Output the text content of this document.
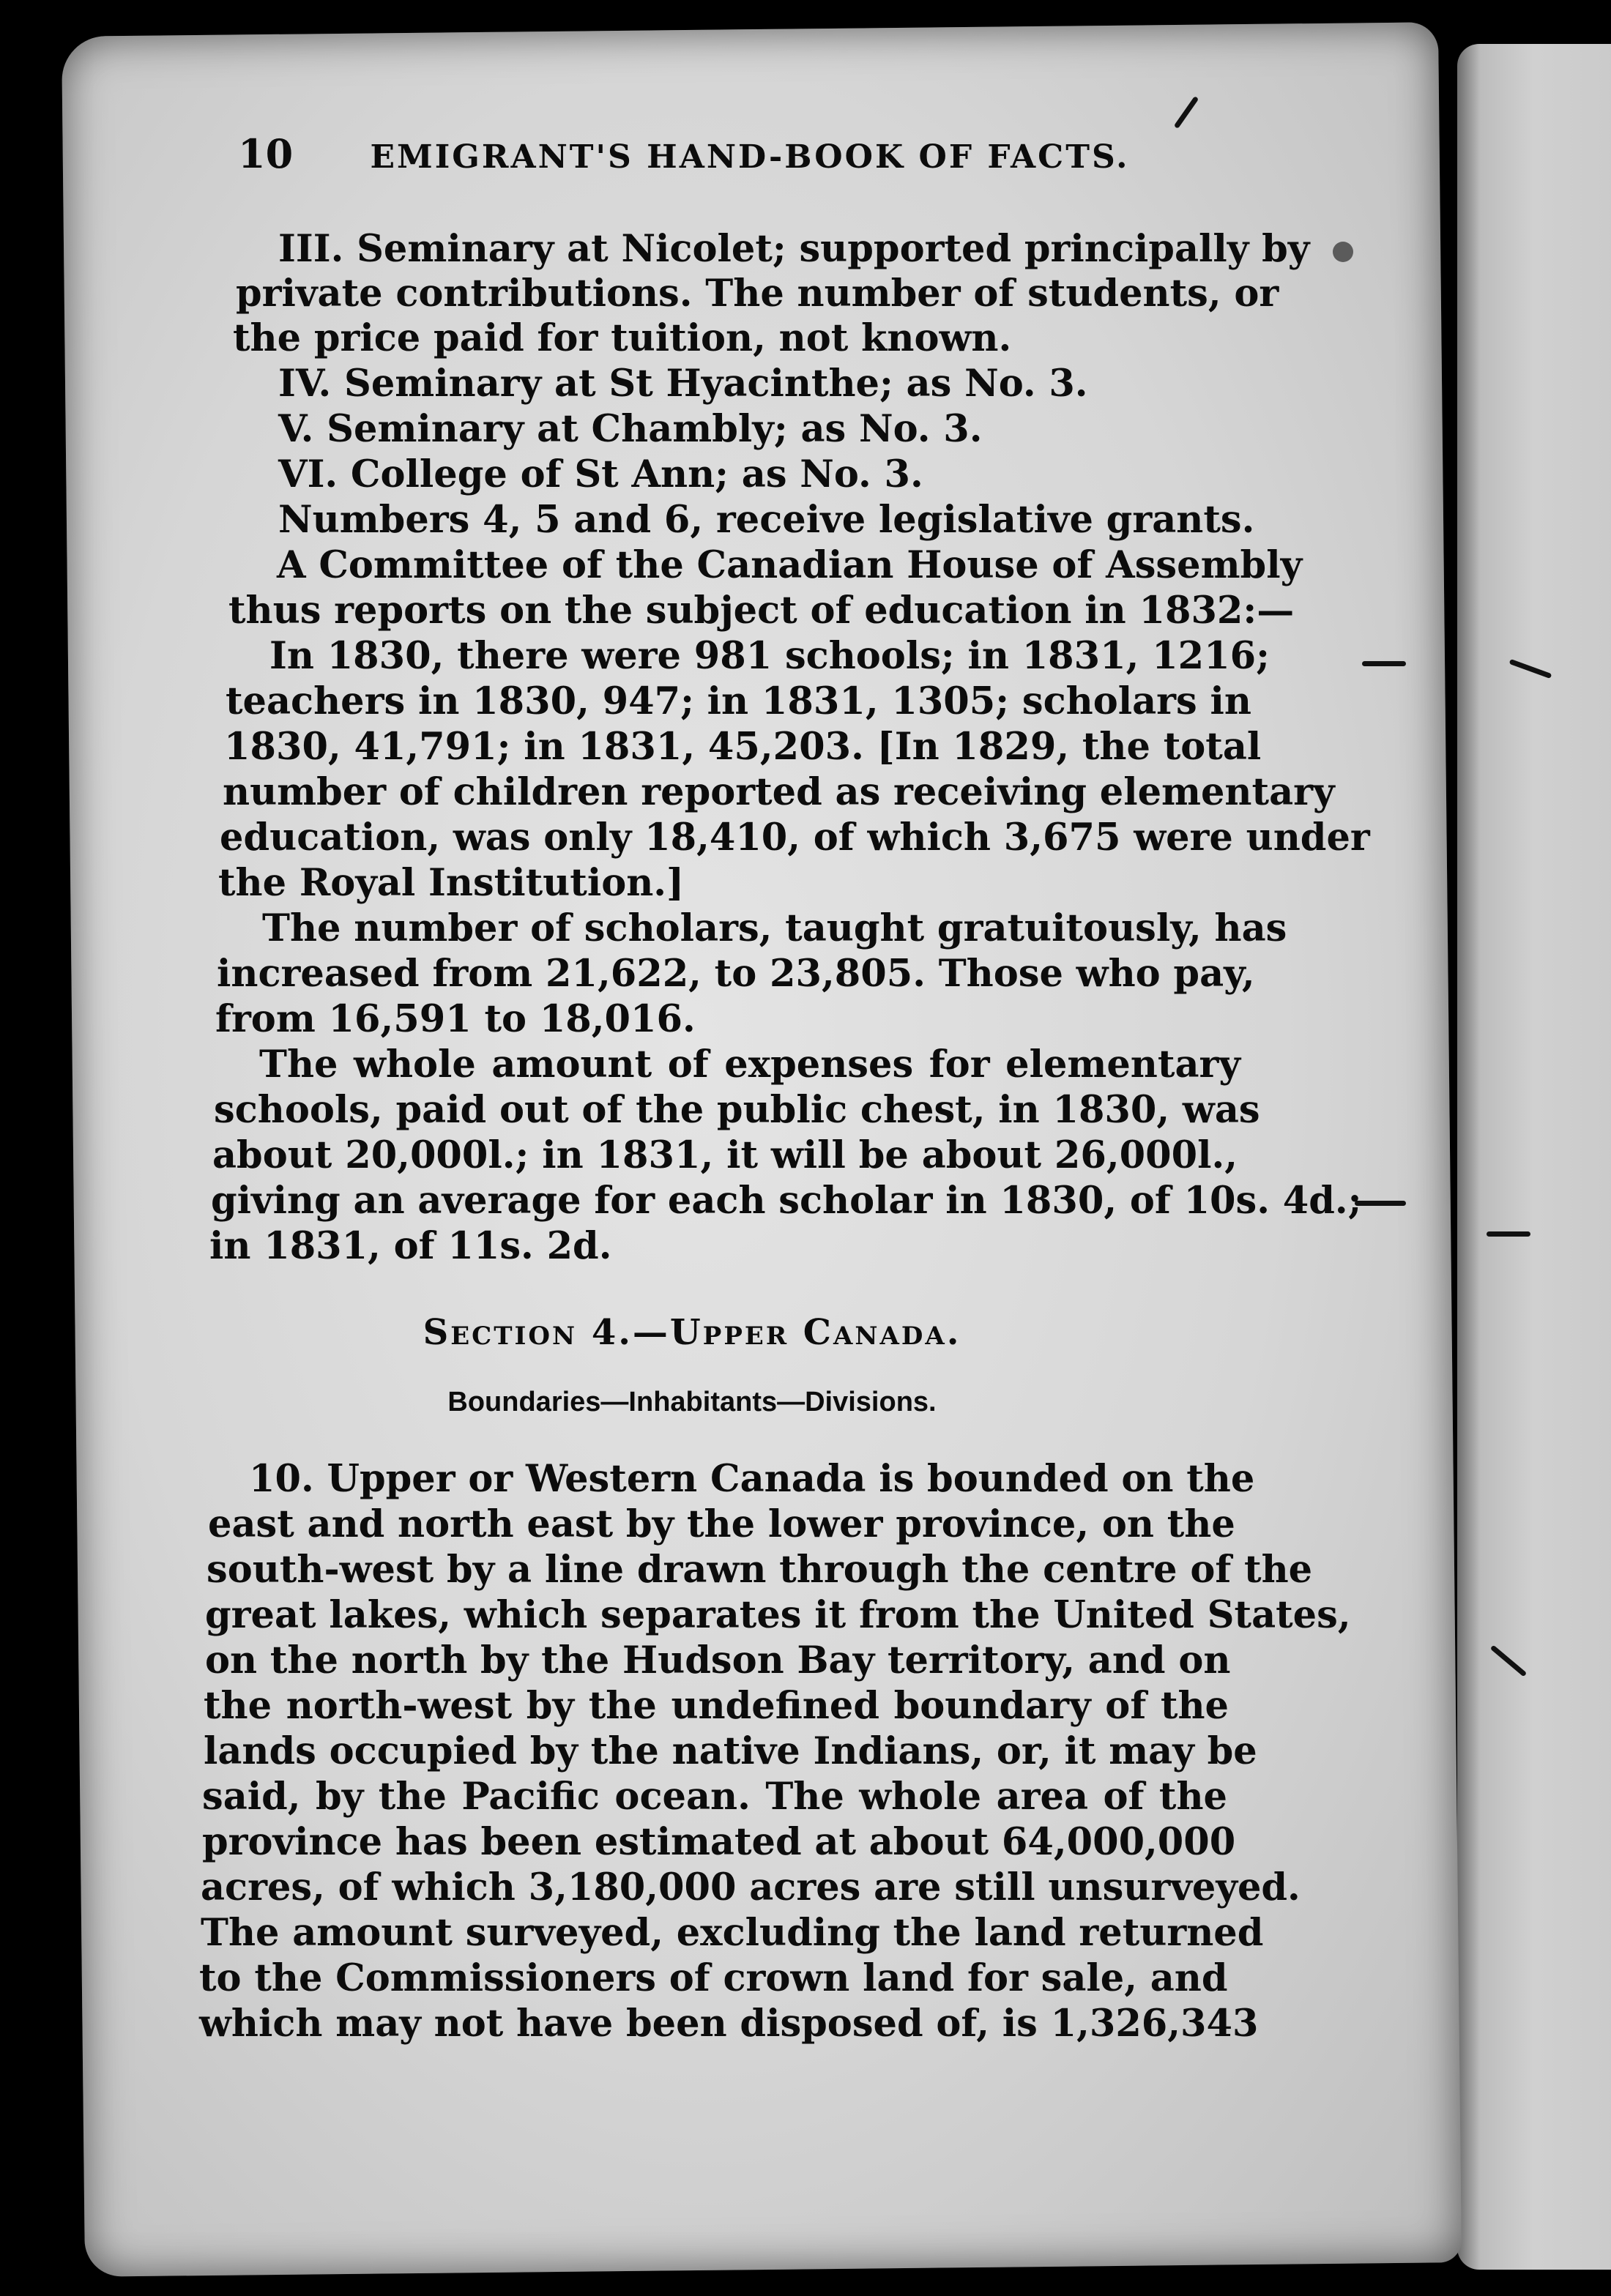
10 EMIGRANT'S HAND-BOOK OF FACTS.
III. Seminary at Nicolet; supported principally by
private contributions. The number of students, or
the price paid for tuition, not known.
IV. Seminary at St Hyacinthe; as No. 3.
V. Seminary at Chambly; as No. 3.
VI. College of St Ann; as No. 3.
Numbers 4, 5 and 6, receive legislative grants.
A Committee of the Canadian House of Assembly
thus reports on the subject of education in 1832:—
In 1830, there were 981 schools; in 1831, 1216;
teachers in 1830, 947; in 1831, 1305; scholars in
1830, 41,791; in 1831, 45,203. [In 1829, the total
number of children reported as receiving elementary
education, was only 18,410, of which 3,675 were under
the Royal Institution.]
The number of scholars, taught gratuitously, has
increased from 21,622, to 23,805. Those who pay,
from 16,591 to 18,016.
The whole amount of expenses for elementary
schools, paid out of the public chest, in 1830, was
about 20,000l.; in 1831, it will be about 26,000l.,
giving an average for each scholar in 1830, of 10s. 4d.;
in 1831, of 11s. 2d.
Section 4.—Upper Canada.
Boundaries—Inhabitants—Divisions.
10. Upper or Western Canada is bounded on the
east and north east by the lower province, on the
south-west by a line drawn through the centre of the
great lakes, which separates it from the United States,
on the north by the Hudson Bay territory, and on
the north-west by the undefined boundary of the
lands occupied by the native Indians, or, it may be
said, by the Pacific ocean. The whole area of the
province has been estimated at about 64,000,000
acres, of which 3,180,000 acres are still unsurveyed.
The amount surveyed, excluding the land returned
to the Commissioners of crown land for sale, and
which may not have been disposed of, is 1,326,343
